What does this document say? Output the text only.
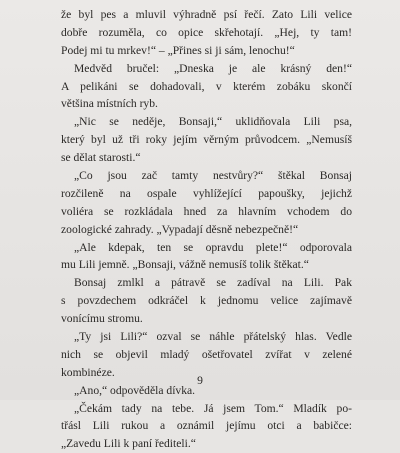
že byl pes a mluvil výhradně psí řečí. Zato Lili velice
dobře rozuměla, co opice skřehotají. „Hej, ty tam!
Podej mi tu mrkev!“ – „Přines si ji sám, lenochu!“
Medvěd bručel: „Dneska je ale krásný den!“
A pelikáni se dohadovali, v kterém zobáku skončí
většina místních ryb.
„Nic se neděje, Bonsaji,“ uklidňovala Lili psa,
který byl už tři roky jejím věrným průvodcem. „Nemusíš
se dělat starosti.“
„Co jsou zač tamty nestvůry?“ štěkal Bonsaj
rozčileně na ospale vyhlížející papoušky, jejichž
voliéra se rozkládala hned za hlavním vchodem do
zoologické zahrady. „Vypadají děsně nebezpečně!“
„Ale kdepak, ten se opravdu plete!“ odporovala
mu Lili jemně. „Bonsaji, vážně nemusíš tolik štěkat.“
Bonsaj zmlkl a pátravě se zadíval na Lili. Pak
s povzdechem odkráčel k jednomu velice zajímavě
vonícímu stromu.
„Ty jsi Lili?“ ozval se náhle přátelský hlas. Vedle
nich se objevil mladý ošetřovatel zvířat v zelené
kombinéze.
„Ano,“ odpověděla dívka.
„Čekám tady na tebe. Já jsem Tom.“ Mladík po-
třásl Lili rukou a oznámil jejímu otci a babičce:
„Zavedu Lili k paní řediteli.“
9
